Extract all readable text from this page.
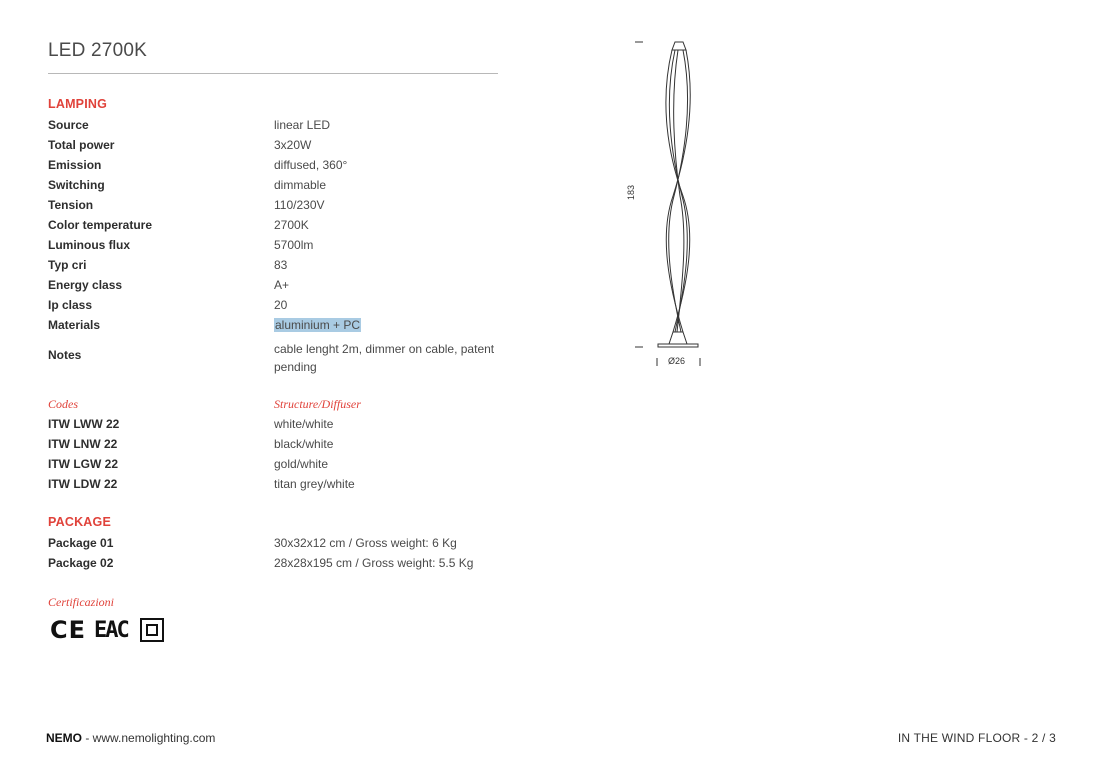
LED 2700K
LAMPING
Source	linear LED
Total power	3x20W
Emission	diffused, 360°
Switching	dimmable
Tension	110/230V
Color temperature	2700K
Luminous flux	5700lm
Typ cri	83
Energy class	A+
Ip class	20
Materials	aluminium + PC
Notes	cable lenght 2m, dimmer on cable, patent pending
Codes	Structure/Diffuser
ITW LWW 22	white/white
ITW LNW 22	black/white
ITW LGW 22	gold/white
ITW LDW 22	titan grey/white
PACKAGE
Package 01	30x32x12 cm / Gross weight: 6 Kg
Package 02	28x28x195 cm / Gross weight: 5.5 Kg
Certificazioni
CE EAC
183
Ø26
NEMO - www.nemolighting.com	IN THE WIND FLOOR - 2 / 3
